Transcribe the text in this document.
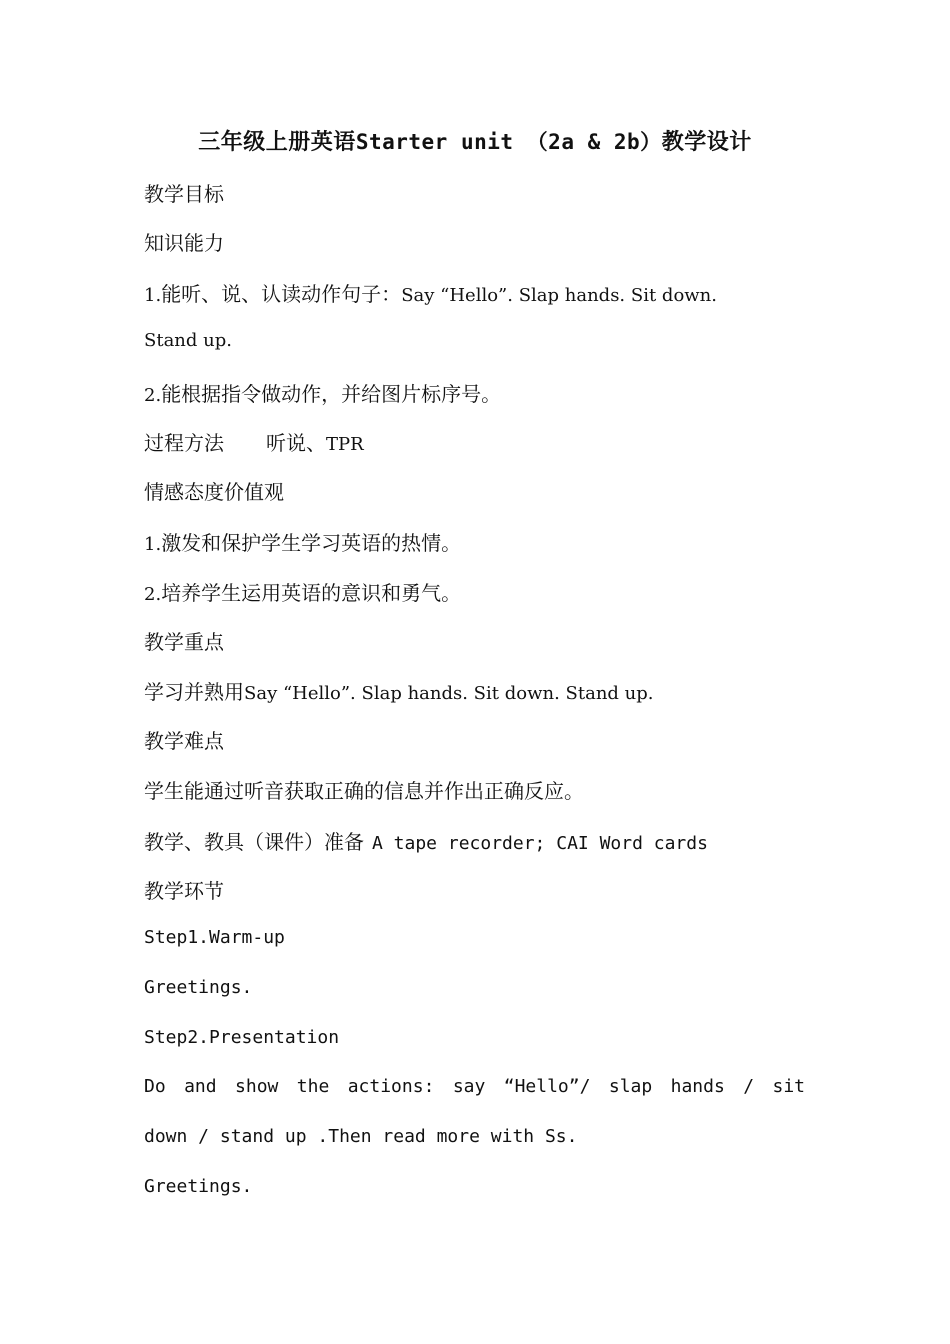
三年级上册英语Starter unit （2a & 2b）教学设计
教学目标
知识能力
1.能听、说、认读动作句子：Say “Hello”. Slap hands. Sit down.
Stand up.
2.能根据指令做动作，并给图片标序号。
过程方法 听说、TPR
情感态度价值观
1.激发和保护学生学习英语的热情。
2.培养学生运用英语的意识和勇气。
教学重点
学习并熟用Say “Hello”. Slap hands. Sit down. Stand up.
教学难点
学生能通过听音获取正确的信息并作出正确反应。
教学、教具（课件）准备 A tape recorder; CAI Word cards
教学环节
Step1.Warm-up
Greetings.
Step2.Presentation
Do and show the actions: say “Hello”/ slap hands / sit
down / stand up .Then read more with Ss.
Greetings.
